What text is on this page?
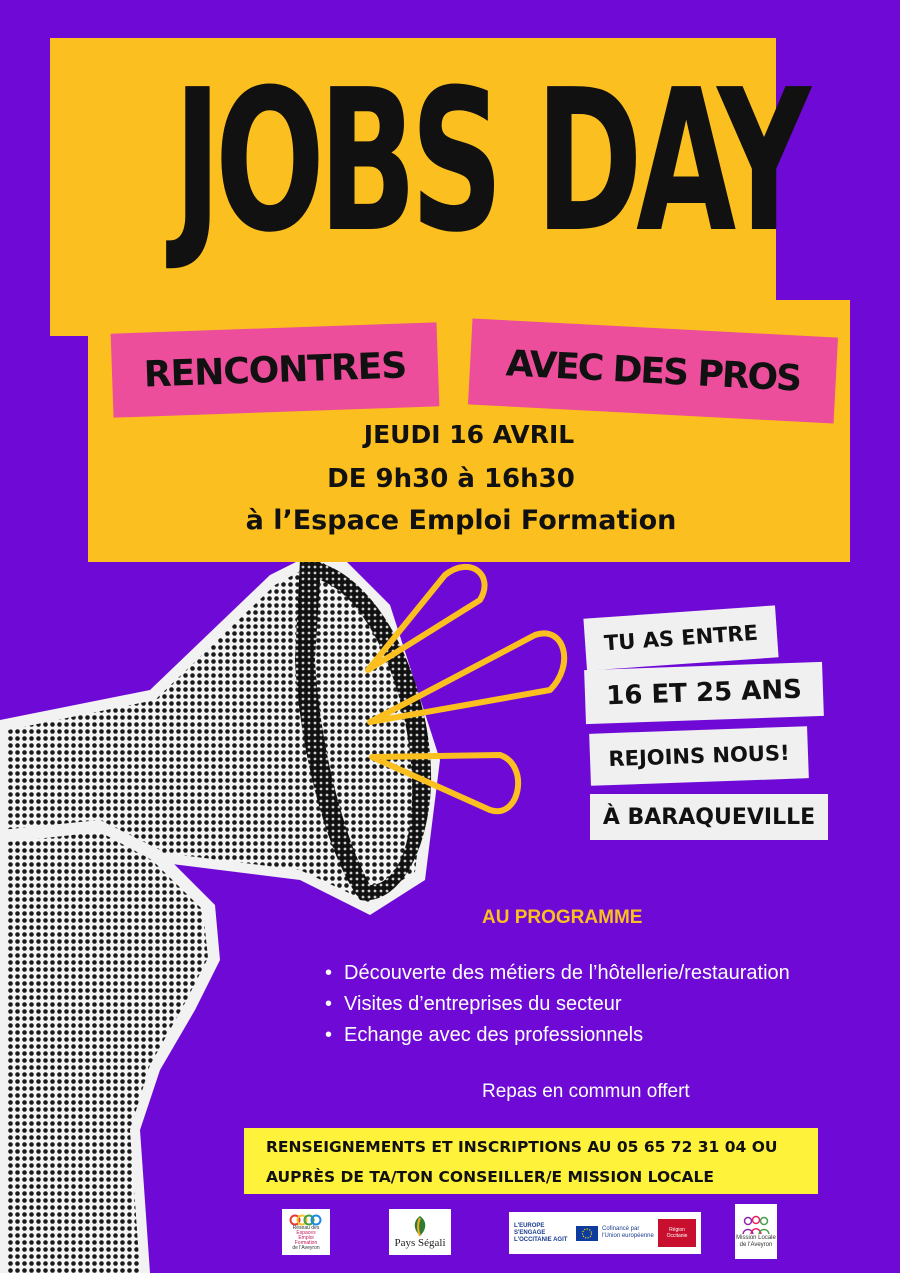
JOBS DAY
RENCONTRES	AVEC DES PROS
JEUDI 16 AVRIL
DE 9h30 à 16h30
à l’Espace Emploi Formation
TU AS ENTRE
16 ET 25 ANS
REJOINS NOUS!
À BARAQUEVILLE
AU PROGRAMME
• Découverte des métiers de l’hôtellerie/restauration
• Visites d’entreprises du secteur
• Echange avec des professionnels
Repas en commun offert
RENSEIGNEMENTS ET INSCRIPTIONS AU 05 65 72 31 04 OU
AUPRÈS DE TA/TON CONSEILLER/E MISSION LOCALE
Réseau des
Espaces
Emploi
Formation
de l'Aveyron	Pays Ségali
L'EUROPE S'ENGAGE L'OCCITANIE AGIT
Cofinancé par l'Union européenne
Région Occitanie	Mission Locale
de l'Aveyron
